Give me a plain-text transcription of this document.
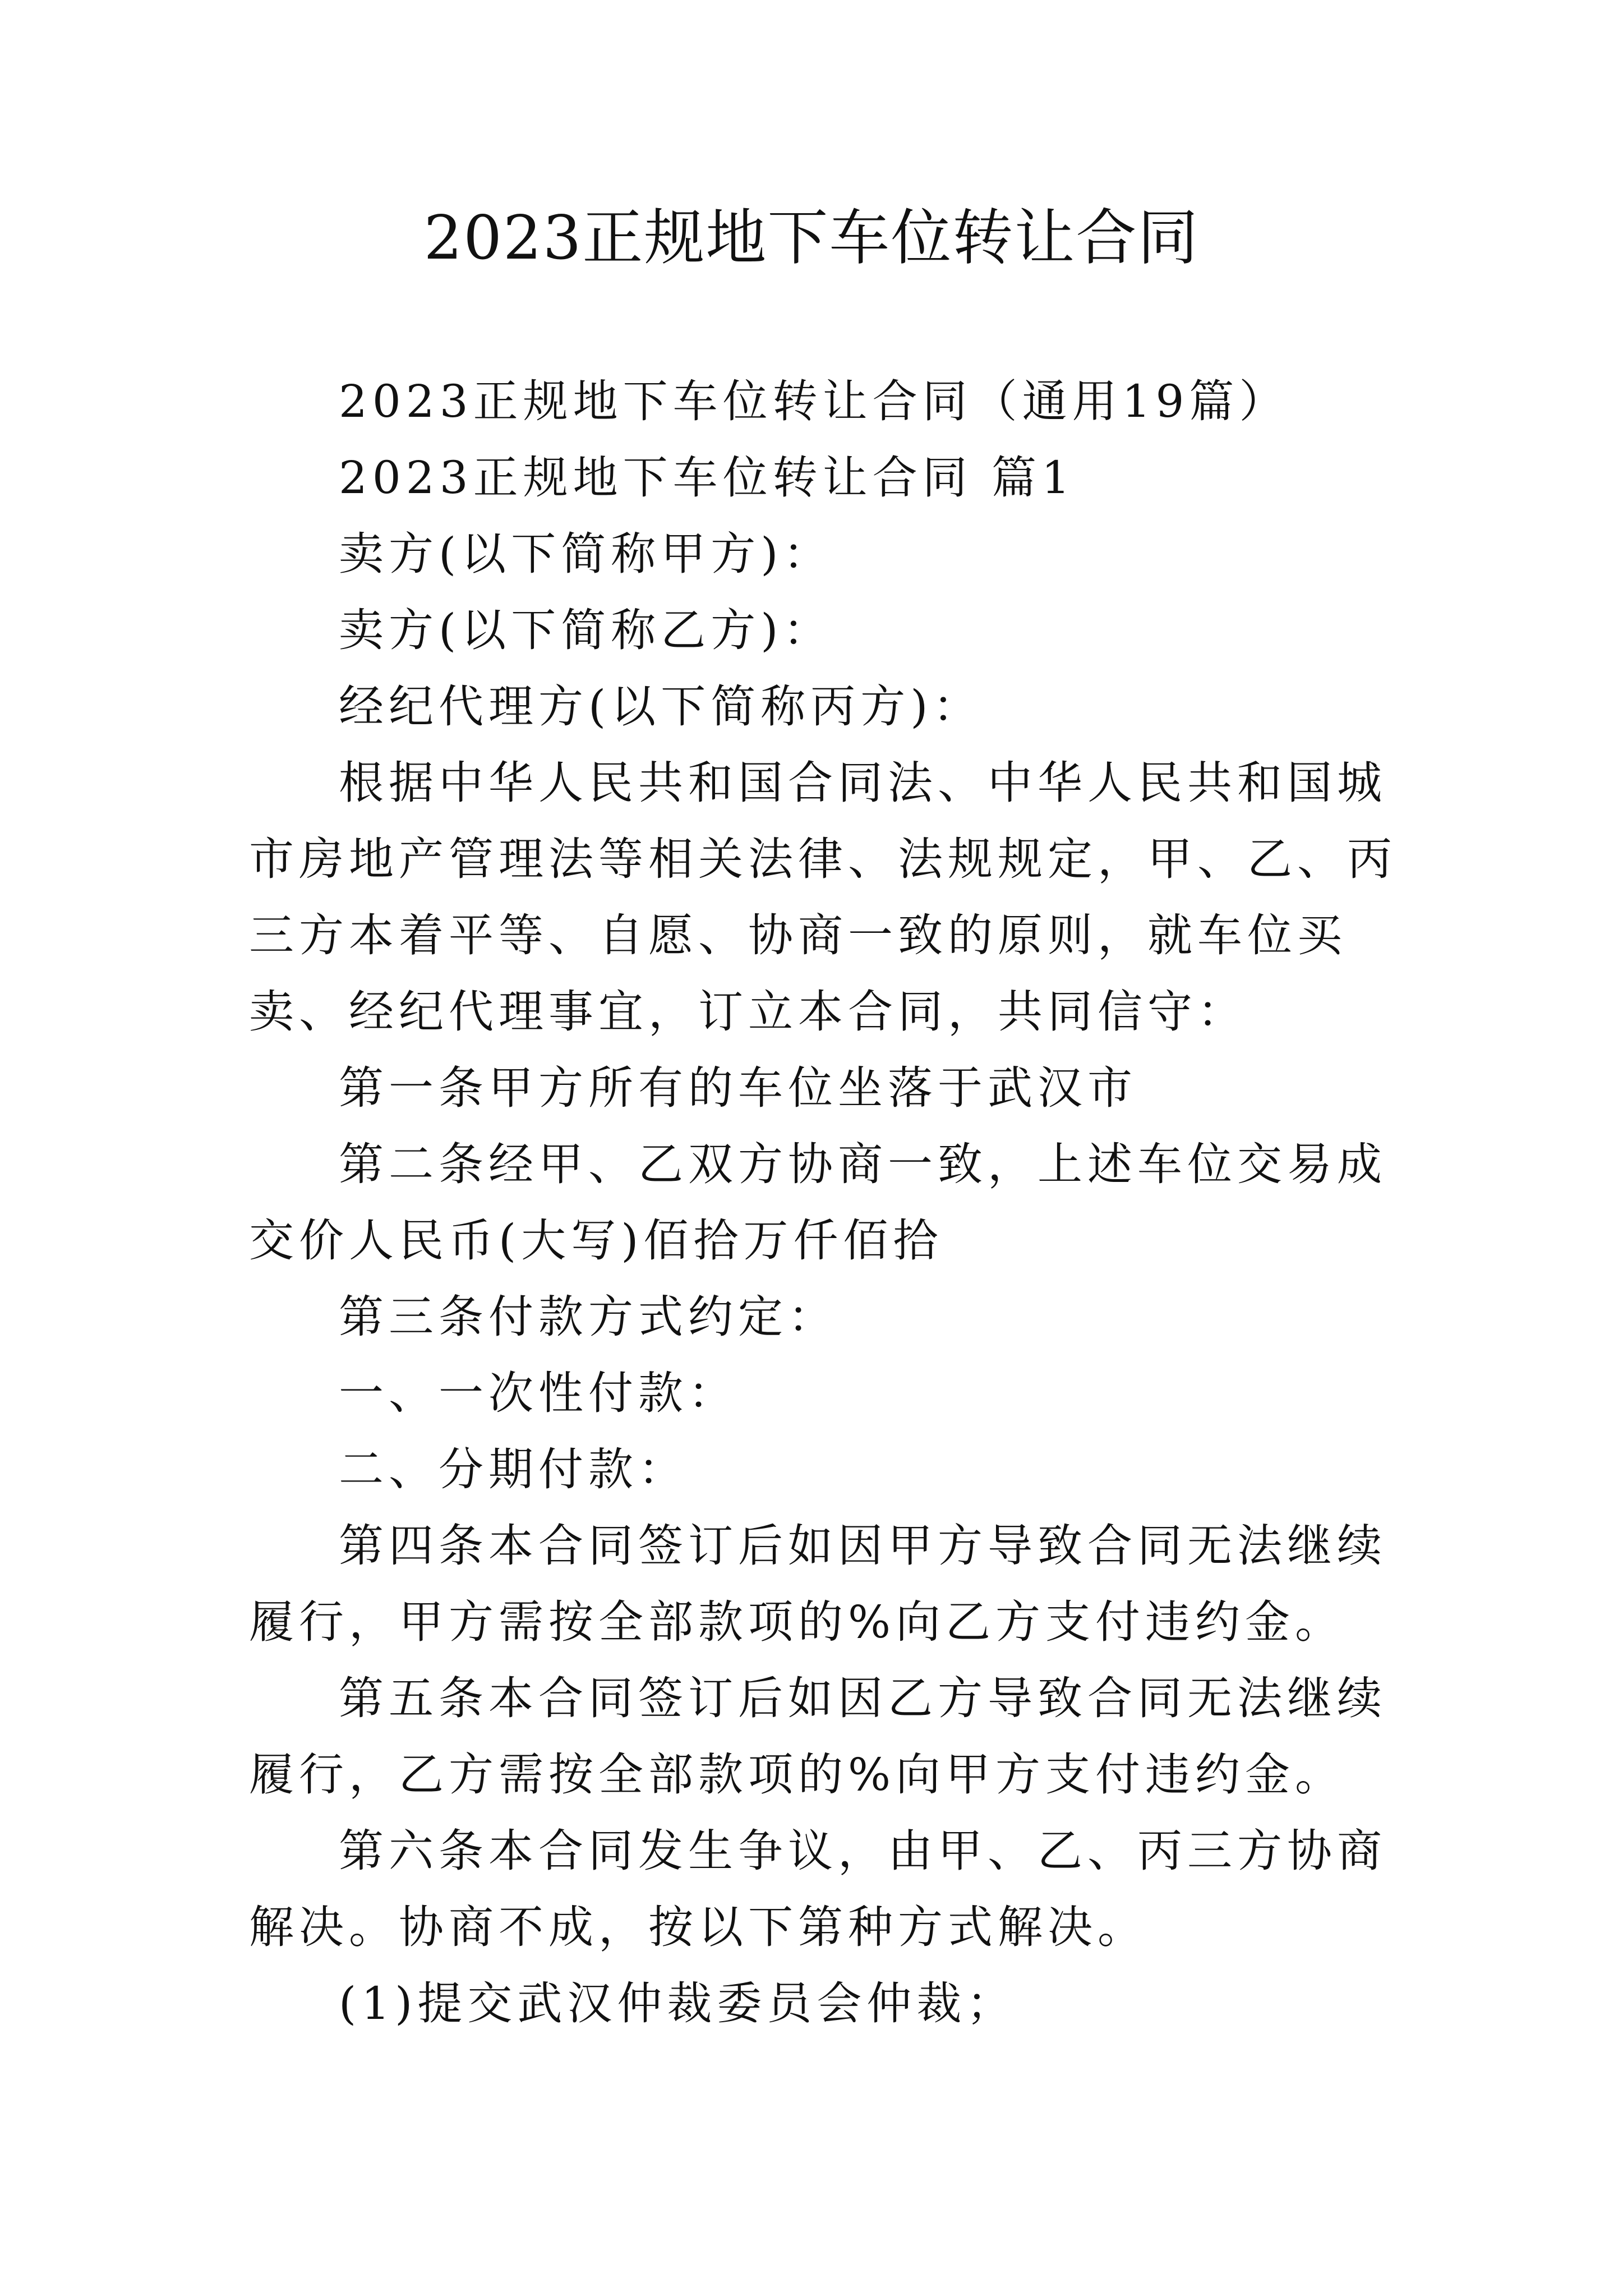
2023正规地下车位转让合同

2023正规地下车位转让合同（通用19篇）

2023正规地下车位转让合同 篇1

卖方(以下简称甲方)：

卖方(以下简称乙方)：

经纪代理方(以下简称丙方)：

根据中华人民共和国合同法、中华人民共和国城市房地产管理法等相关法律、法规规定，甲、乙、丙三方本着平等、自愿、协商一致的原则，就车位买卖、经纪代理事宜，订立本合同，共同信守：

第一条甲方所有的车位坐落于武汉市

第二条经甲、乙双方协商一致，上述车位交易成交价人民币(大写)佰拾万仟佰拾

第三条付款方式约定：

一、一次性付款：

二、分期付款：

第四条本合同签订后如因甲方导致合同无法继续履行，甲方需按全部款项的%向乙方支付违约金。

第五条本合同签订后如因乙方导致合同无法继续履行，乙方需按全部款项的%向甲方支付违约金。

第六条本合同发生争议，由甲、乙、丙三方协商解决。协商不成，按以下第种方式解决。

(1)提交武汉仲裁委员会仲裁；
